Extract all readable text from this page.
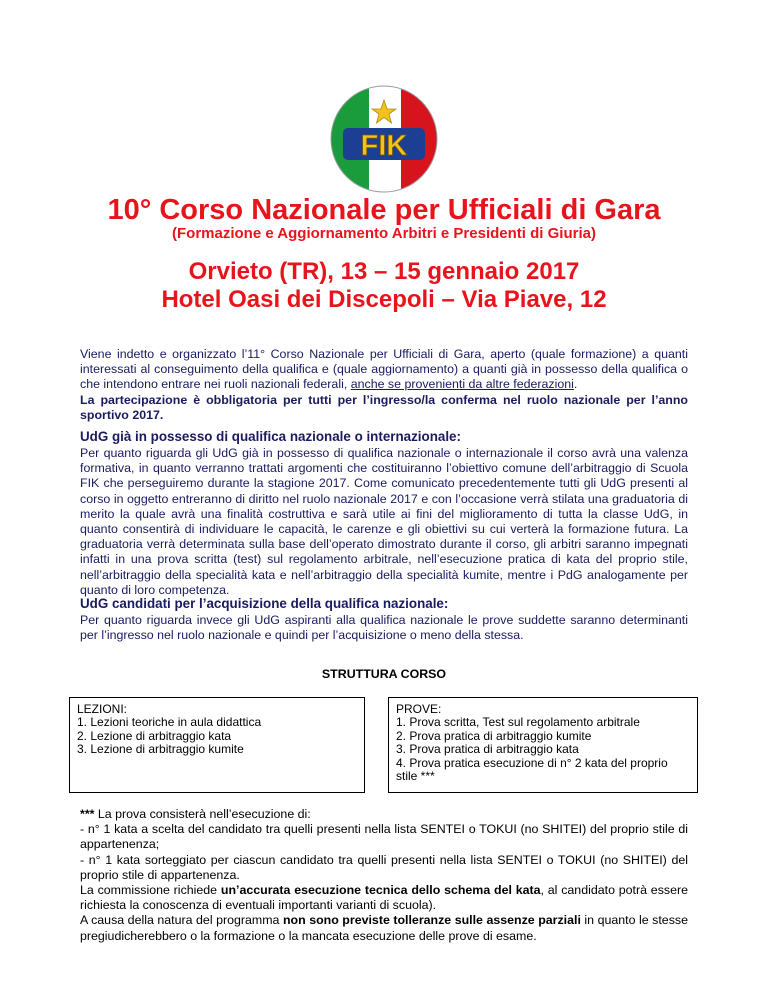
FIK
10° Corso Nazionale per Ufficiali di Gara

(Formazione e Aggiornamento Arbitri e Presidenti di Giuria)

Orvieto (TR), 13 – 15 gennaio 2017
Hotel Oasi dei Discepoli – Via Piave, 12

Viene indetto e organizzato l’11° Corso Nazionale per Ufficiali di Gara, aperto (quale formazione) a quanti interessati al conseguimento della qualifica e (quale aggiornamento) a quanti già in possesso della qualifica o che intendono entrare nei ruoli nazionali federali, anche se provenienti da altre federazioni.
La partecipazione è obbligatoria per tutti per l’ingresso/la conferma nel ruolo nazionale per l’anno sportivo 2017.

UdG già in possesso di qualifica nazionale o internazionale:

Per quanto riguarda gli UdG già in possesso di qualifica nazionale o internazionale il corso avrà una valenza formativa, in quanto verranno trattati argomenti che costituiranno l’obiettivo comune dell’arbitraggio di Scuola FIK che perseguiremo durante la stagione 2017. Come comunicato precedentemente tutti gli UdG presenti al corso in oggetto entreranno di diritto nel ruolo nazionale 2017 e con l’occasione verrà stilata una graduatoria di merito la quale avrà una finalità costruttiva e sarà utile ai fini del miglioramento di tutta la classe UdG, in quanto consentirà di individuare le capacità, le carenze e gli obiettivi su cui verterà la formazione futura. La graduatoria verrà determinata sulla base dell’operato dimostrato durante il corso, gli arbitri saranno impegnati infatti in una prova scritta (test) sul regolamento arbitrale, nell’esecuzione pratica di kata del proprio stile, nell’arbitraggio della specialità kata e nell’arbitraggio della specialità kumite, mentre i PdG analogamente per quanto di loro competenza.

UdG candidati per l’acquisizione della qualifica nazionale:

Per quanto riguarda invece gli UdG aspiranti alla qualifica nazionale le prove suddette saranno determinanti per l’ingresso nel ruolo nazionale e quindi per l’acquisizione o meno della stessa.

STRUTTURA CORSO

LEZIONI:
1. Lezioni teoriche in aula didattica
2. Lezione di arbitraggio kata
3. Lezione di arbitraggio kumite
PROVE:
1. Prova scritta, Test sul regolamento arbitrale
2. Prova pratica di arbitraggio kumite
3. Prova pratica di arbitraggio kata
4. Prova pratica esecuzione di n° 2 kata del proprio
stile ***
*** La prova consisterà nell’esecuzione di:
- n° 1 kata a scelta del candidato tra quelli presenti nella lista SENTEI o TOKUI (no SHITEI) del proprio stile di appartenenza;
- n° 1 kata sorteggiato per ciascun candidato tra quelli presenti nella lista SENTEI o TOKUI (no SHITEI) del proprio stile di appartenenza.
La commissione richiede un’accurata esecuzione tecnica dello schema del kata, al candidato potrà essere richiesta la conoscenza di eventuali importanti varianti di scuola).
A causa della natura del programma non sono previste tolleranze sulle assenze parziali in quanto le stesse pregiudicherebbero o la formazione o la mancata esecuzione delle prove di esame.
